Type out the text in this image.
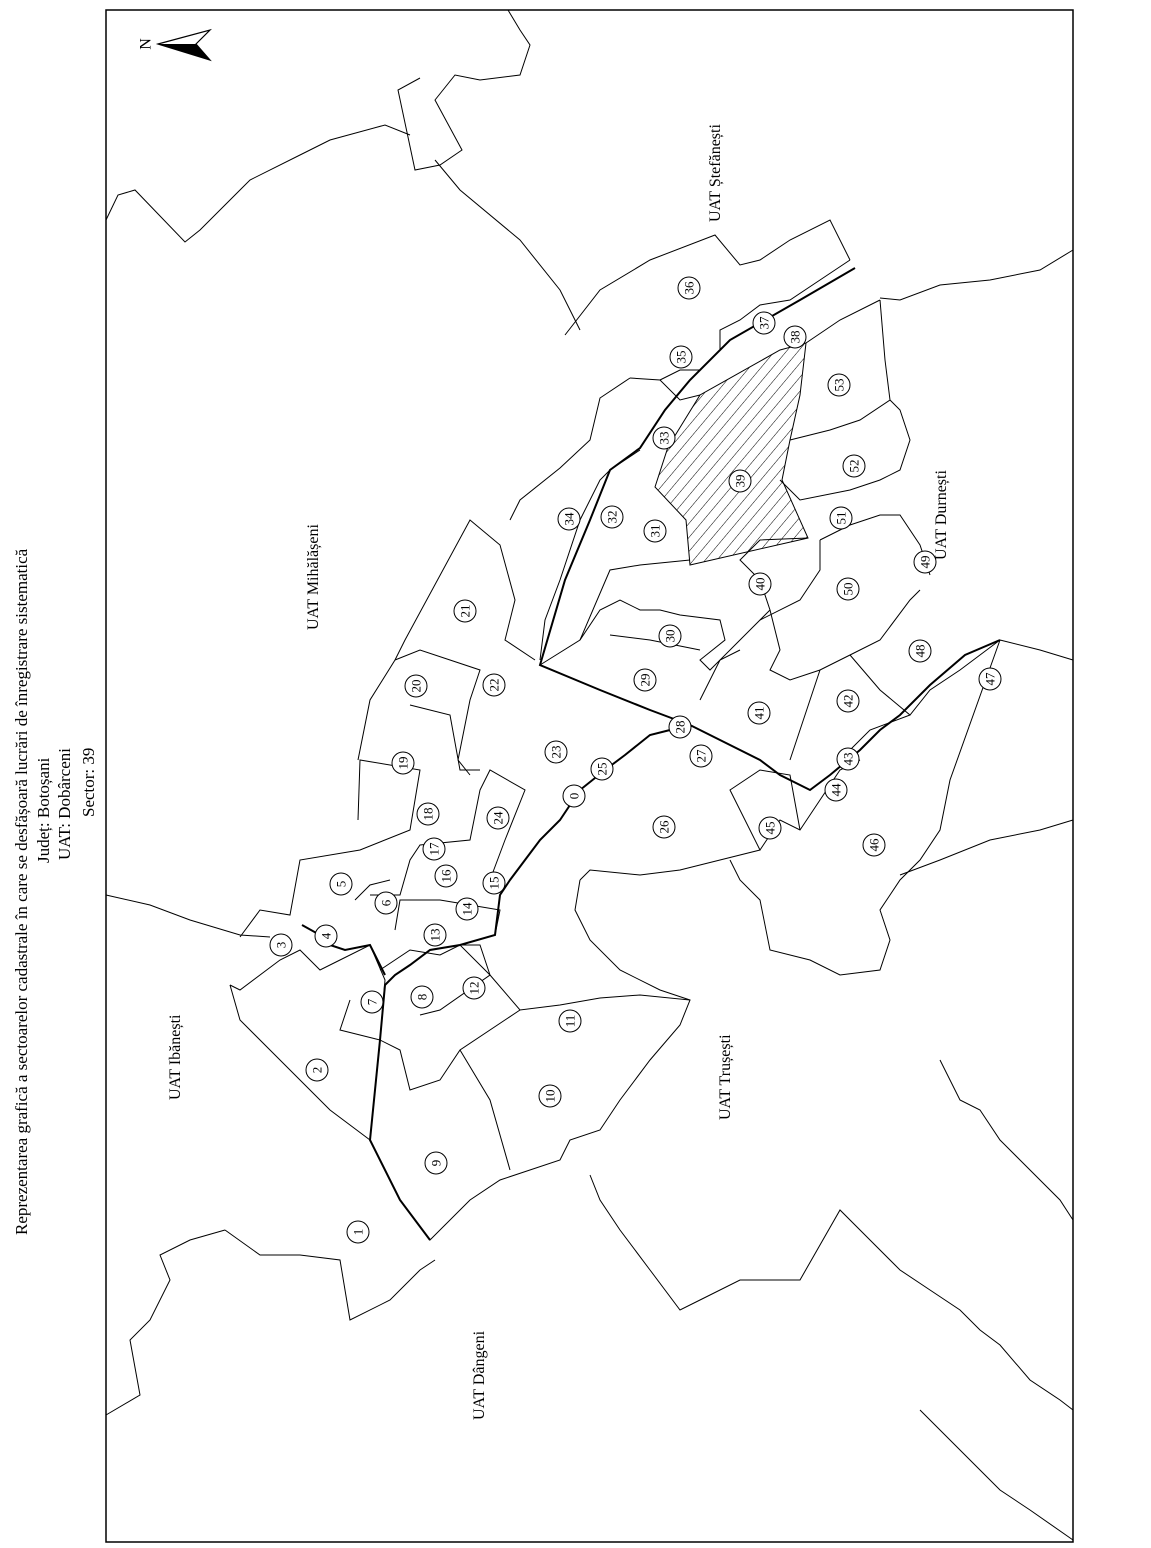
Reprezentarea grafică a sectoarelor cadastrale în care se desfășoară lucrări de înregistrare sistematică Județ: Botoșani UAT: Dobârceni Sector: 39
N
UAT Ștefănești
UAT Mihălășeni
UAT Durnești
UAT Ibănești	UAT Trușești
UAT Dângeni
0
1
2
3
4
5
6
7
8
9
10
11
12
13
14
15
16
17
18
19
20
21
22
23
24
25
26
27
28
29
30
31
32
33
34
35
36
37
38
39
40
41
42
43
44
45
46
47
48
49
50
51
52
53
